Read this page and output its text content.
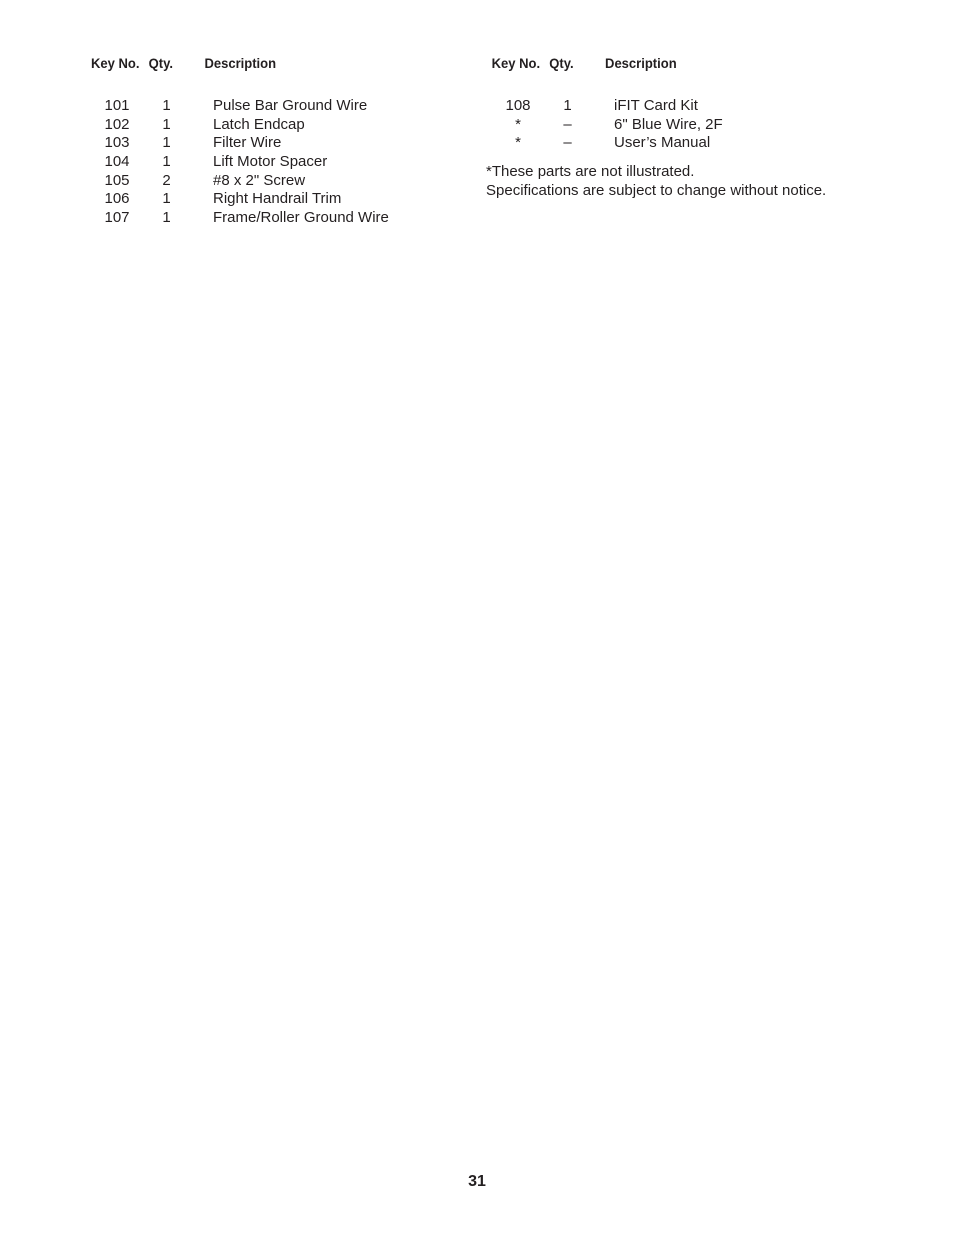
Key No. Qty. Description
101	1	Pulse Bar Ground Wire
102	1	Latch Endcap
103	1	Filter Wire
104	1	Lift Motor Spacer
105	2	#8 x 2" Screw
106	1	Right Handrail Trim
107	1	Frame/Roller Ground Wire
Key No. Qty. Description
108	1	iFIT Card Kit
*	–	6" Blue Wire, 2F
*	–	User’s Manual
*These parts are not illustrated.
Specifications are subject to change without notice.
31
